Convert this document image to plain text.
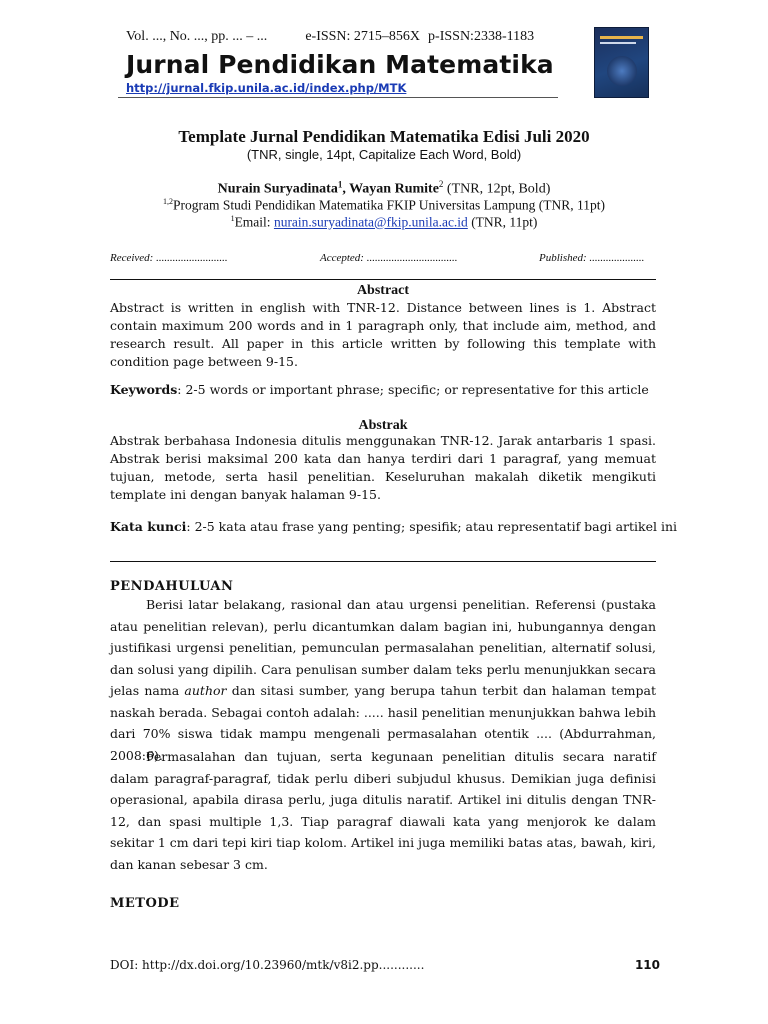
Vol. ..., No. ..., pp. ... – ...	e-ISSN: 2715–856X p-ISSN:2338-1183
Jurnal Pendidikan Matematika
http://jurnal.fkip.unila.ac.id/index.php/MTK
Template Jurnal Pendidikan Matematika Edisi Juli 2020
(TNR, single, 14pt, Capitalize Each Word, Bold)
Nurain Suryadinata$^1$, Wayan Rumite$^2$ (TNR, 12pt, Bold)
$^{1,2}$Program Studi Pendidikan Matematika FKIP Universitas Lampung (TNR, 11pt)
$^1$Email: nurain.suryadinata@fkip.unila.ac.id (TNR, 11pt)
Received: ..........................	Accepted: .................................	Published: ....................
Abstract
Abstract is written in english with TNR-12. Distance between lines is 1. Abstract contain maximum 200 words and in 1 paragraph only, that include aim, method, and research result. All paper in this article written by following this template with condition page between 9-15.
Keywords: 2-5 words or important phrase; specific; or representative for this article
Abstrak
Abstrak berbahasa Indonesia ditulis menggunakan TNR-12. Jarak antarbaris 1 spasi. Abstrak berisi maksimal 200 kata dan hanya terdiri dari 1 paragraf, yang memuat tujuan, metode, serta hasil penelitian. Keseluruhan makalah diketik mengikuti template ini dengan banyak halaman 9-15.
Kata kunci: 2-5 kata atau frase yang penting; spesifik; atau representatif bagi artikel ini
PENDAHULUAN
Berisi latar belakang, rasional dan atau urgensi penelitian. Referensi (pustaka atau penelitian relevan), perlu dicantumkan dalam bagian ini, hubungannya dengan justifikasi urgensi penelitian, pemunculan permasalahan penelitian, alternatif solusi, dan solusi yang dipilih. Cara penulisan sumber dalam teks perlu menunjukkan secara jelas nama author dan sitasi sumber, yang berupa tahun terbit dan halaman tempat naskah berada. Sebagai contoh adalah: ..... hasil penelitian menunjukkan bahwa lebih dari 70% siswa tidak mampu mengenali permasalahan otentik .... (Abdurrahman, 2008:6).
Permasalahan dan tujuan, serta kegunaan penelitian ditulis secara naratif dalam paragraf-paragraf, tidak perlu diberi subjudul khusus. Demikian juga definisi operasional, apabila dirasa perlu, juga ditulis naratif. Artikel ini ditulis dengan TNR-12, dan spasi multiple 1,3. Tiap paragraf diawali kata yang menjorok ke dalam sekitar 1 cm dari tepi kiri tiap kolom. Artikel ini juga memiliki batas atas, bawah, kiri, dan kanan sebesar 3 cm.
METODE
DOI: http://dx.doi.org/10.23960/mtk/v8i2.pp............	110
